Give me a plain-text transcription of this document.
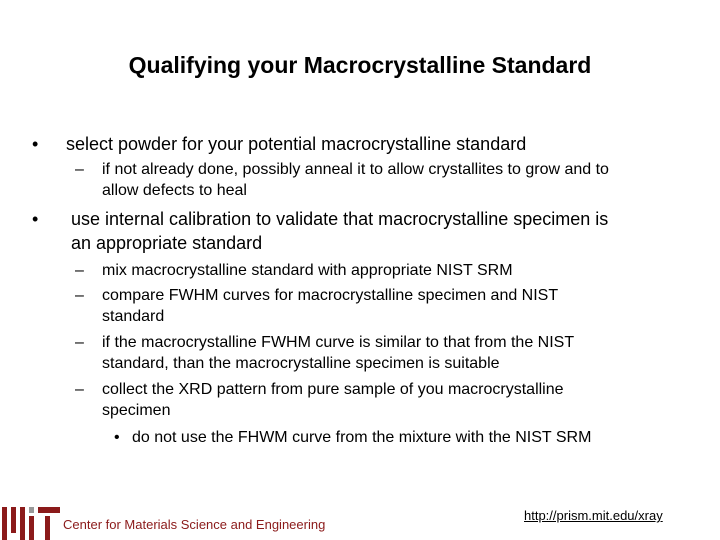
Qualifying your Macrocrystalline Standard
• select powder for your potential macrocrystalline standard
– if not already done, possibly anneal it to allow crystallites to grow and to
allow defects to heal
• use internal calibration to validate that macrocrystalline specimen is
an appropriate standard
– mix macrocrystalline standard with appropriate NIST SRM
– compare FWHM curves for macrocrystalline specimen and NIST
standard
– if the macrocrystalline FWHM curve is similar to that from the NIST
standard, than the macrocrystalline specimen is suitable
– collect the XRD pattern from pure sample of you macrocrystalline
specimen
• do not use the FHWM curve from the mixture with the NIST SRM
Center for Materials Science and Engineering
http://prism.mit.edu/xray
